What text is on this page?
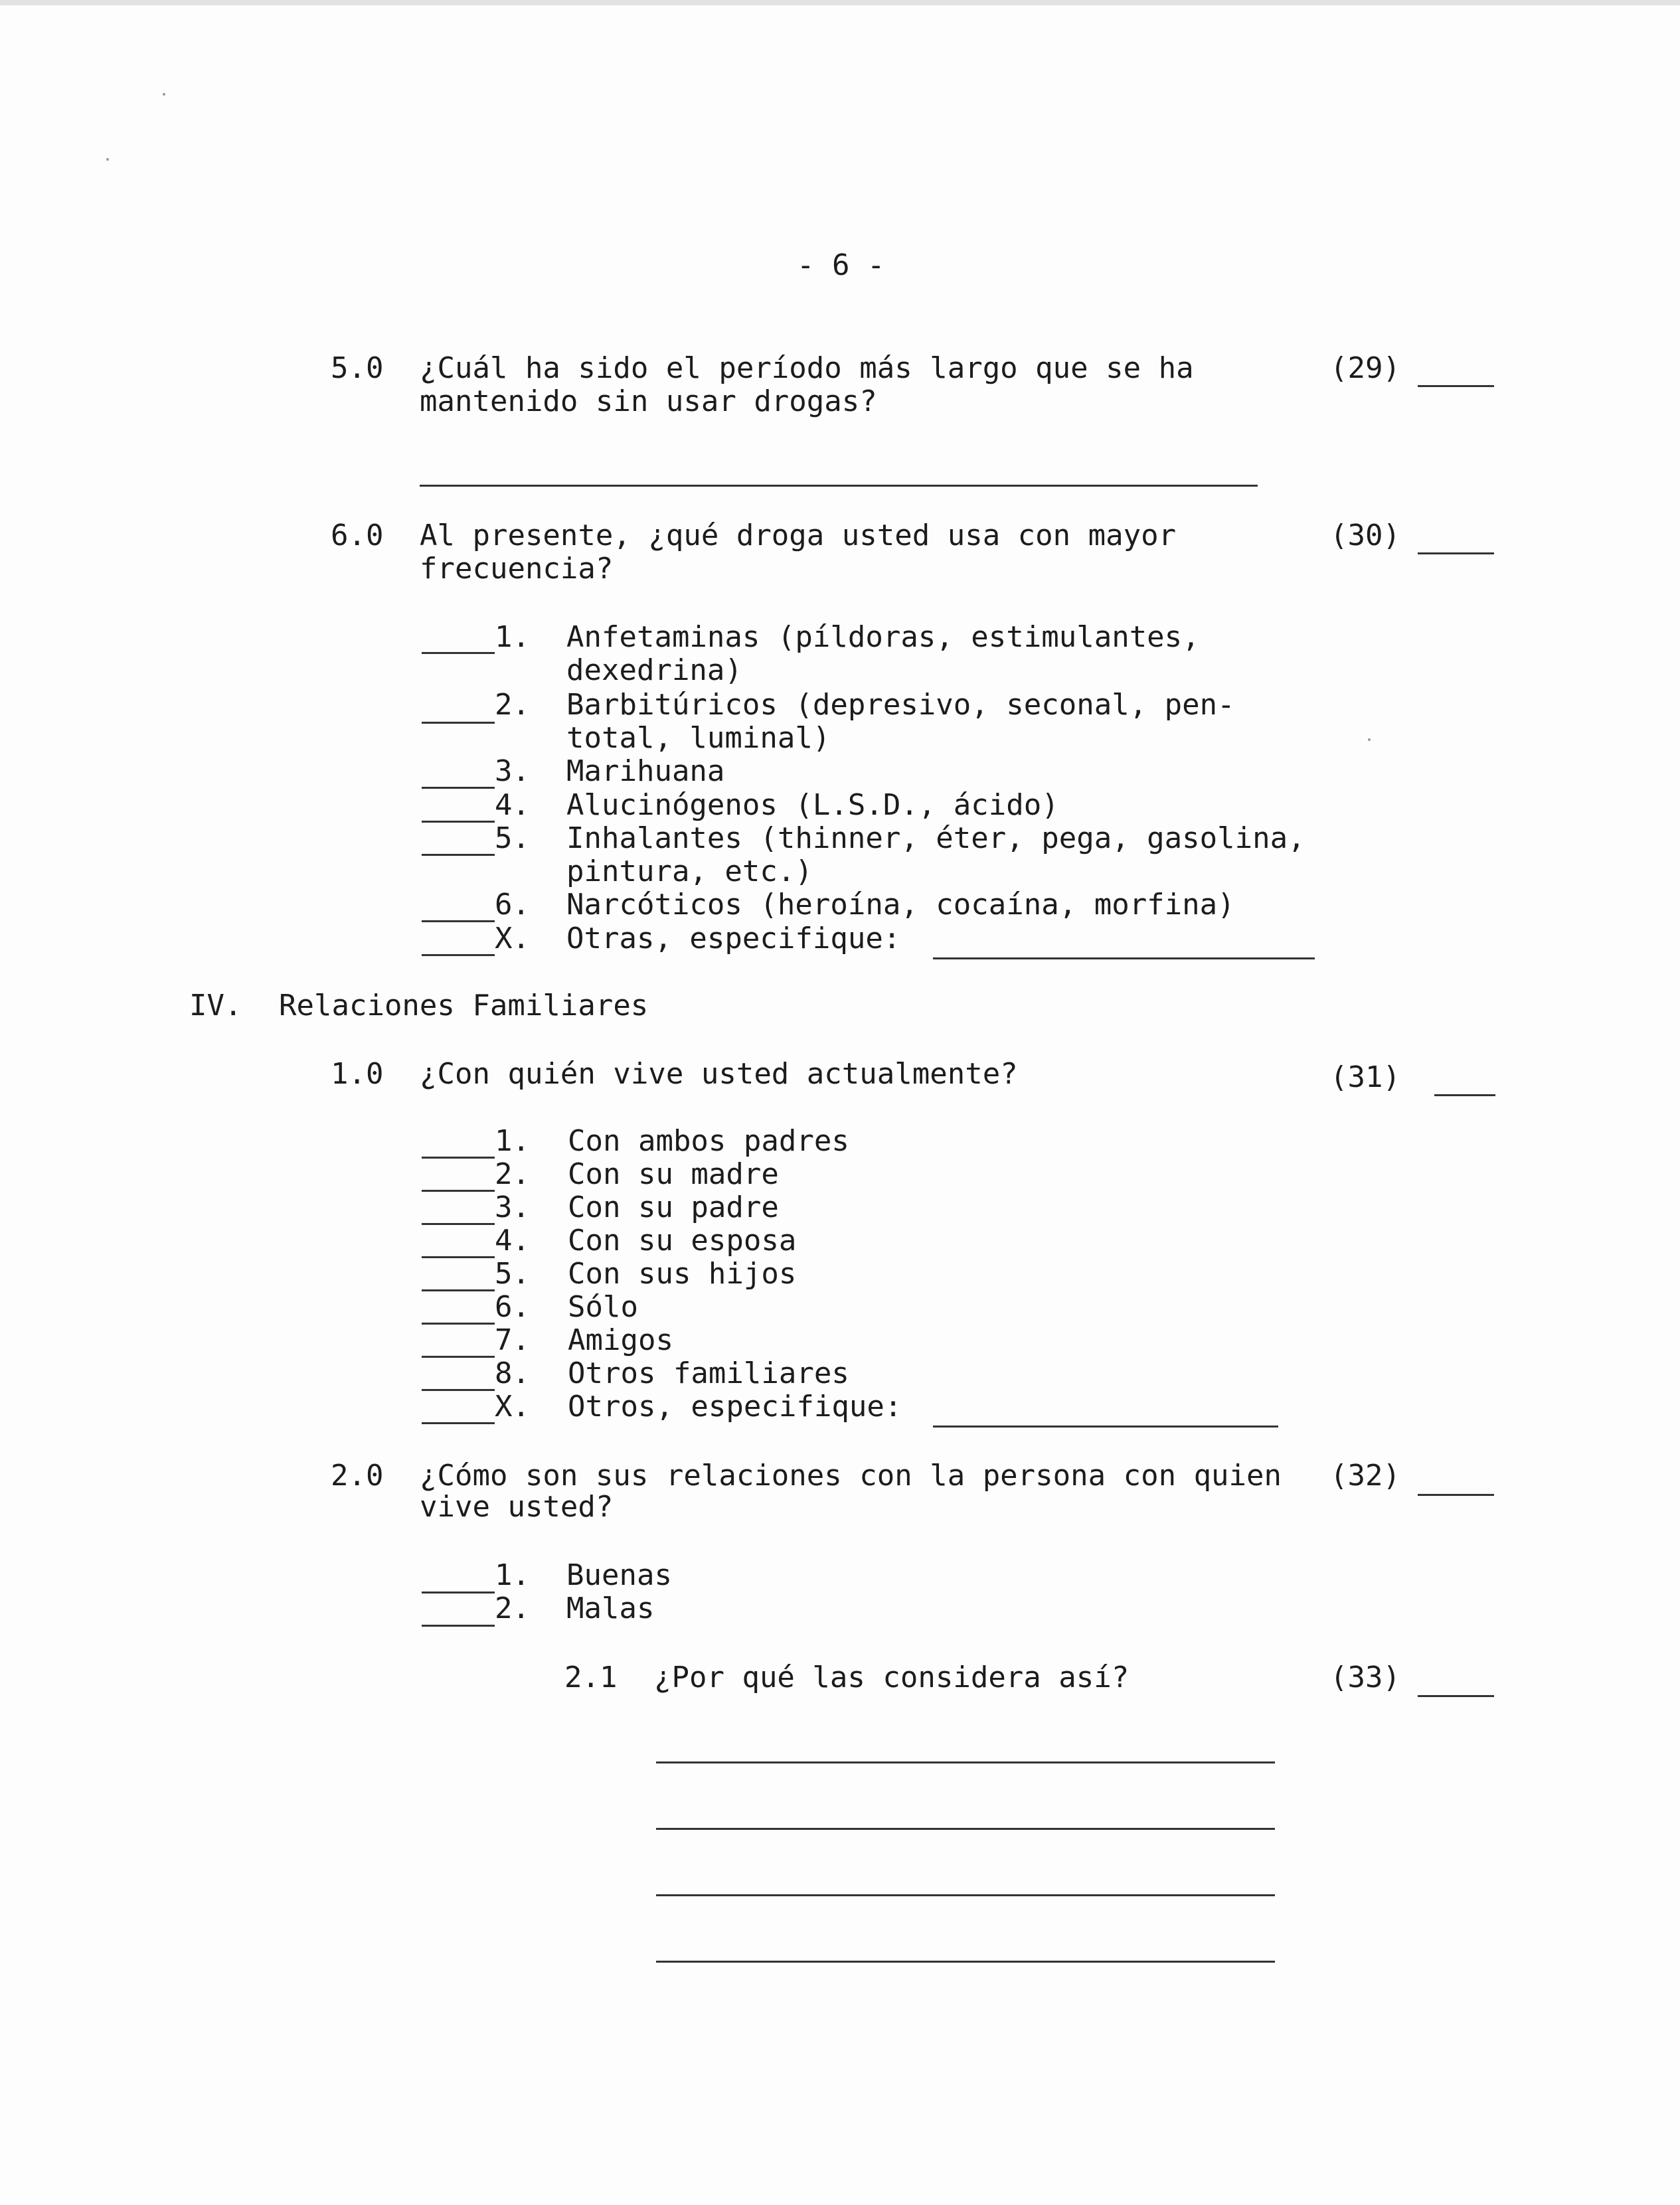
- 6 -
5.0 ¿Cuál ha sido el período más largo que se ha
mantenido sin usar drogas?
(29)
6.0 Al presente, ¿qué droga usted usa con mayor
frecuencia?
(30)
1. Anfetaminas (píldoras, estimulantes,
dexedrina)
2. Barbitúricos (depresivo, seconal, pen-
total, luminal)
3. Marihuana
4. Alucinógenos (L.S.D., ácido)
5. Inhalantes (thinner, éter, pega, gasolina,
pintura, etc.)
6. Narcóticos (heroína, cocaína, morfina)
X. Otras, especifique:
IV. Relaciones Familiares
1.0 ¿Con quién vive usted actualmente?	(31)
1. Con ambos padres
2. Con su madre
3. Con su padre
4. Con su esposa
5. Con sus hijos
6. Sólo
7. Amigos
8. Otros familiares
X. Otros, especifique:
2.0 ¿Cómo son sus relaciones con la persona con quien
vive usted?
(32)
1. Buenas
2. Malas
2.1 ¿Por qué las considera así?	(33)
